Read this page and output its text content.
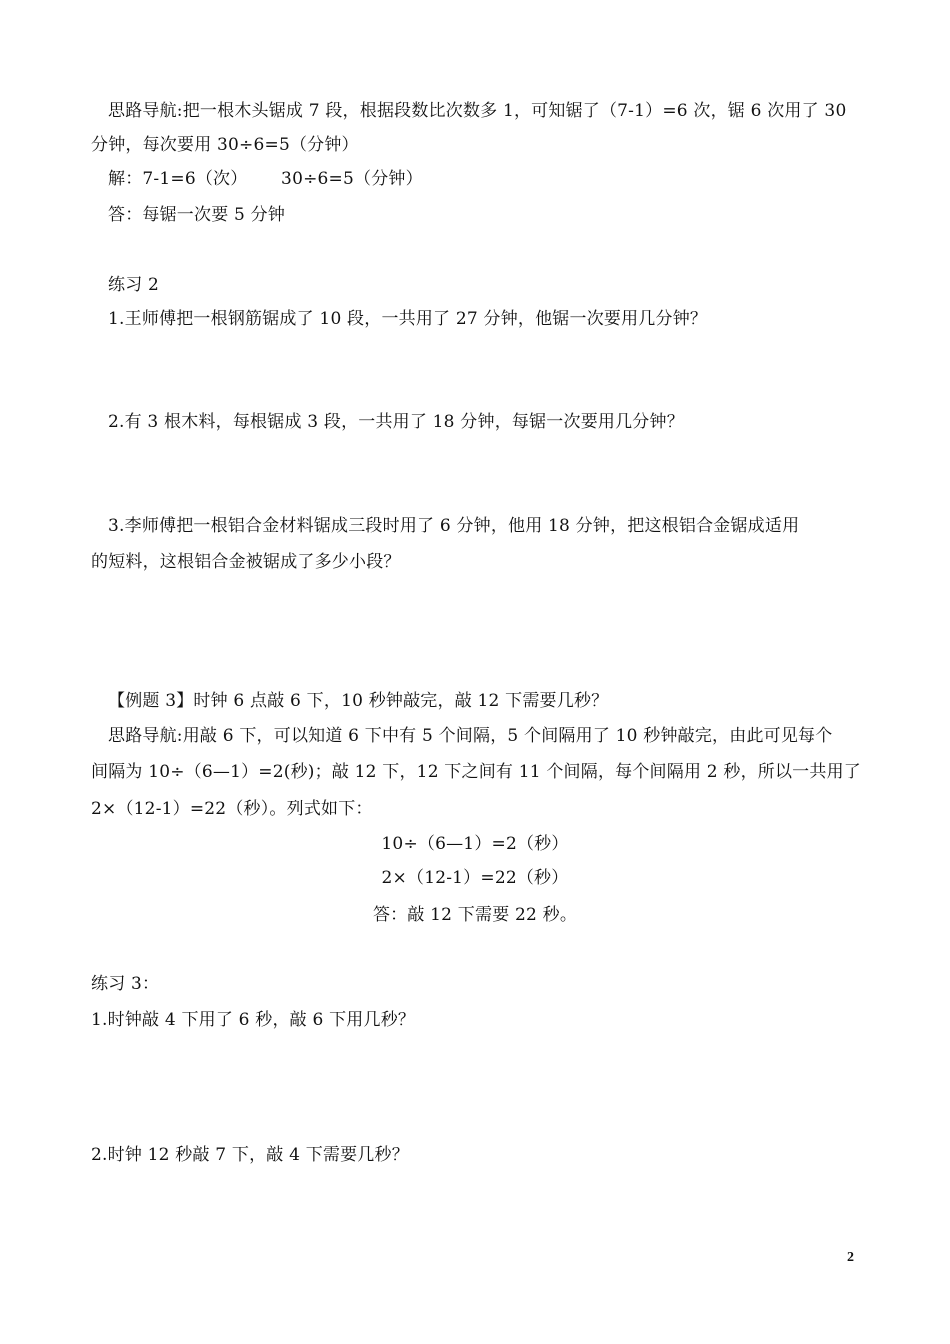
思路导航:把一根木头锯成 7 段，根据段数比次数多 1，可知锯了（7-1）=6 次，锯 6 次用了 30
分钟，每次要用 30÷6=5（分钟）
解：7-1=6（次）      30÷6=5（分钟）
答：每锯一次要 5 分钟
练习 2
1.王师傅把一根钢筋锯成了 10 段，一共用了 27 分钟，他锯一次要用几分钟？
2.有 3 根木料，每根锯成 3 段，一共用了 18 分钟，每锯一次要用几分钟？
3.李师傅把一根铝合金材料锯成三段时用了 6 分钟，他用 18 分钟，把这根铝合金锯成适用
的短料，这根铝合金被锯成了多少小段？
【例题 3】时钟 6 点敲 6 下，10 秒钟敲完，敲 12 下需要几秒？
思路导航:用敲 6 下，可以知道 6 下中有 5 个间隔，5 个间隔用了 10 秒钟敲完，由此可见每个
间隔为 10÷（6—1）=2(秒)；敲 12 下，12 下之间有 11 个间隔，每个间隔用 2 秒，所以一共用了
2×（12-1）=22（秒）。列式如下：
10÷（6—1）=2（秒）
2×（12-1）=22（秒）
答：敲 12 下需要 22 秒。
练习 3：
1.时钟敲 4 下用了 6 秒，敲 6 下用几秒？
2.时钟 12 秒敲 7 下，敲 4 下需要几秒？
2
